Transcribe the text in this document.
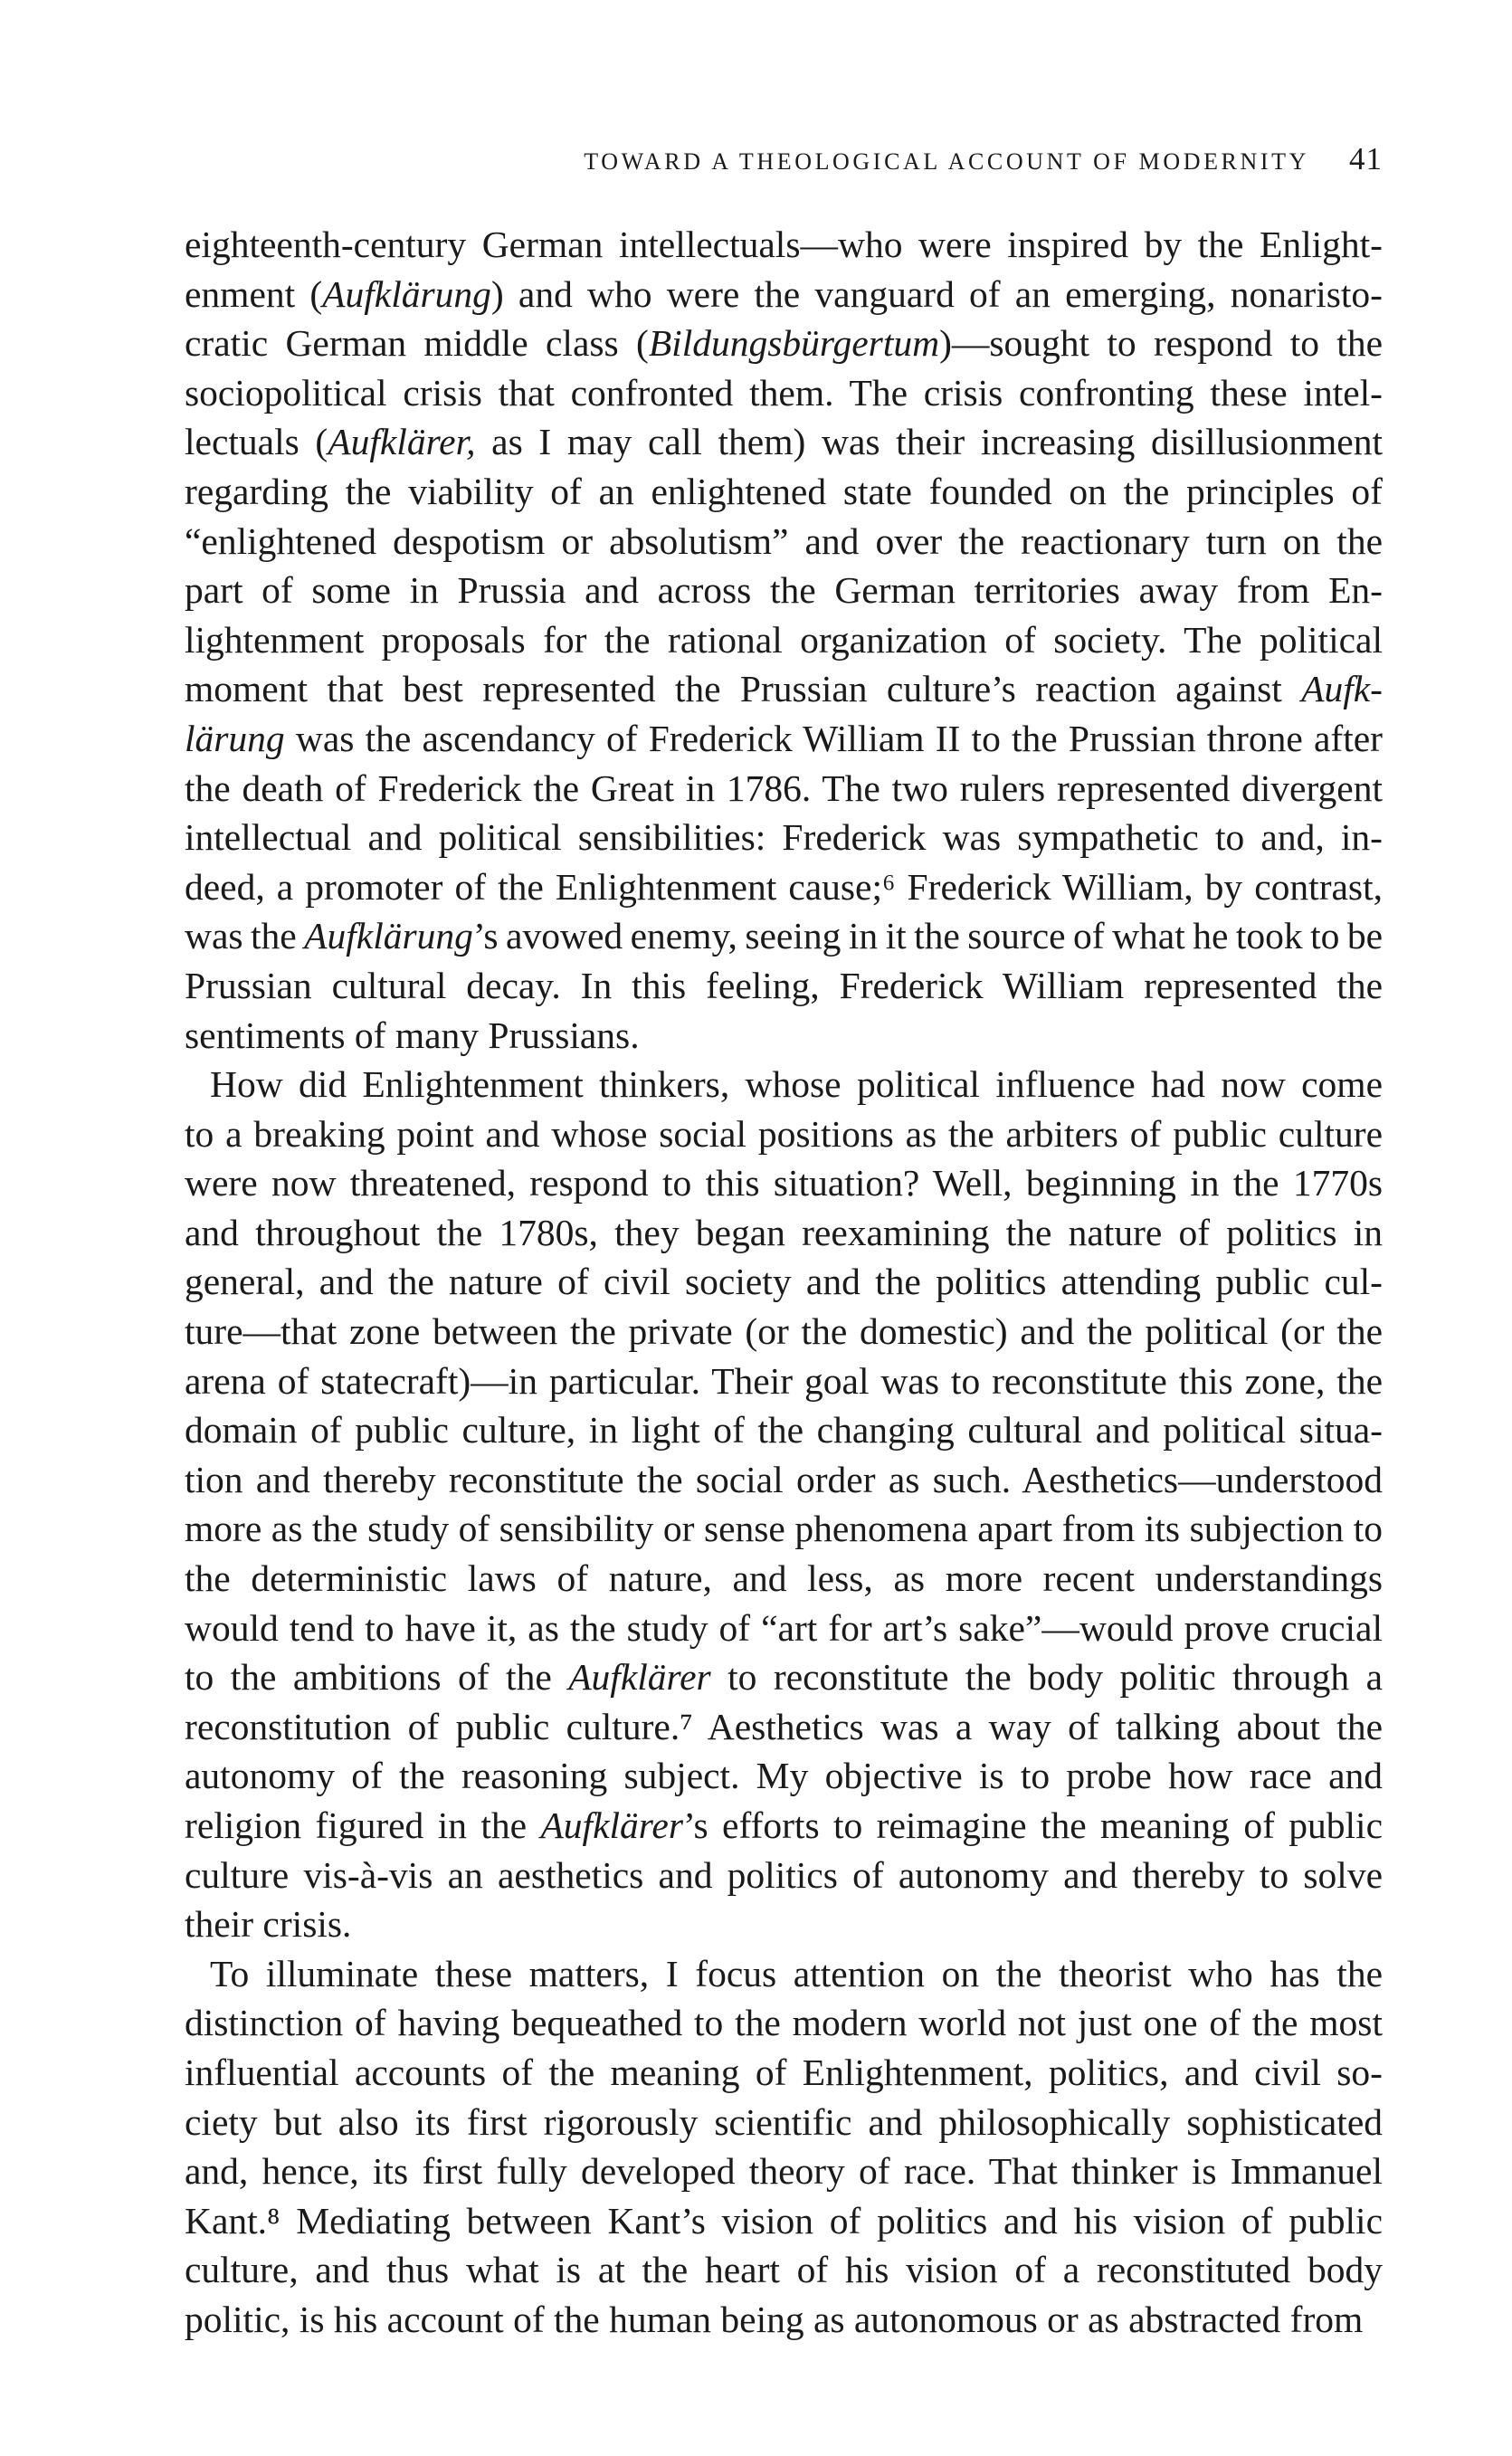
TOWARD A THEOLOGICAL ACCOUNT OF MODERNITY 41
eighteenth-century German intellectuals—who were inspired by the Enlight-
enment (Aufklärung) and who were the vanguard of an emerging, nonaristo-
cratic German middle class (Bildungsbürgertum)—sought to respond to the
sociopolitical crisis that confronted them. The crisis confronting these intel-
lectuals (Aufklärer, as I may call them) was their increasing disillusionment
regarding the viability of an enlightened state founded on the principles of
“enlightened despotism or absolutism” and over the reactionary turn on the
part of some in Prussia and across the German territories away from En-
lightenment proposals for the rational organization of society. The political
moment that best represented the Prussian culture’s reaction against Aufk-
lärung was the ascendancy of Frederick William II to the Prussian throne after
the death of Frederick the Great in 1786. The two rulers represented divergent
intellectual and political sensibilities: Frederick was sympathetic to and, in-
deed, a promoter of the Enlightenment cause;⁶ Frederick William, by contrast,
was the Aufklärung’s avowed enemy, seeing in it the source of what he took to be
Prussian cultural decay. In this feeling, Frederick William represented the
sentiments of many Prussians.
How did Enlightenment thinkers, whose political influence had now come
to a breaking point and whose social positions as the arbiters of public culture
were now threatened, respond to this situation? Well, beginning in the 1770s
and throughout the 1780s, they began reexamining the nature of politics in
general, and the nature of civil society and the politics attending public cul-
ture—that zone between the private (or the domestic) and the political (or the
arena of statecraft)—in particular. Their goal was to reconstitute this zone, the
domain of public culture, in light of the changing cultural and political situa-
tion and thereby reconstitute the social order as such. Aesthetics—understood
more as the study of sensibility or sense phenomena apart from its subjection to
the deterministic laws of nature, and less, as more recent understandings
would tend to have it, as the study of “art for art’s sake”—would prove crucial
to the ambitions of the Aufklärer to reconstitute the body politic through a
reconstitution of public culture.⁷ Aesthetics was a way of talking about the
autonomy of the reasoning subject. My objective is to probe how race and
religion figured in the Aufklärer’s efforts to reimagine the meaning of public
culture vis-à-vis an aesthetics and politics of autonomy and thereby to solve
their crisis.
To illuminate these matters, I focus attention on the theorist who has the
distinction of having bequeathed to the modern world not just one of the most
influential accounts of the meaning of Enlightenment, politics, and civil so-
ciety but also its first rigorously scientific and philosophically sophisticated
and, hence, its first fully developed theory of race. That thinker is Immanuel
Kant.⁸ Mediating between Kant’s vision of politics and his vision of public
culture, and thus what is at the heart of his vision of a reconstituted body
politic, is his account of the human being as autonomous or as abstracted from
